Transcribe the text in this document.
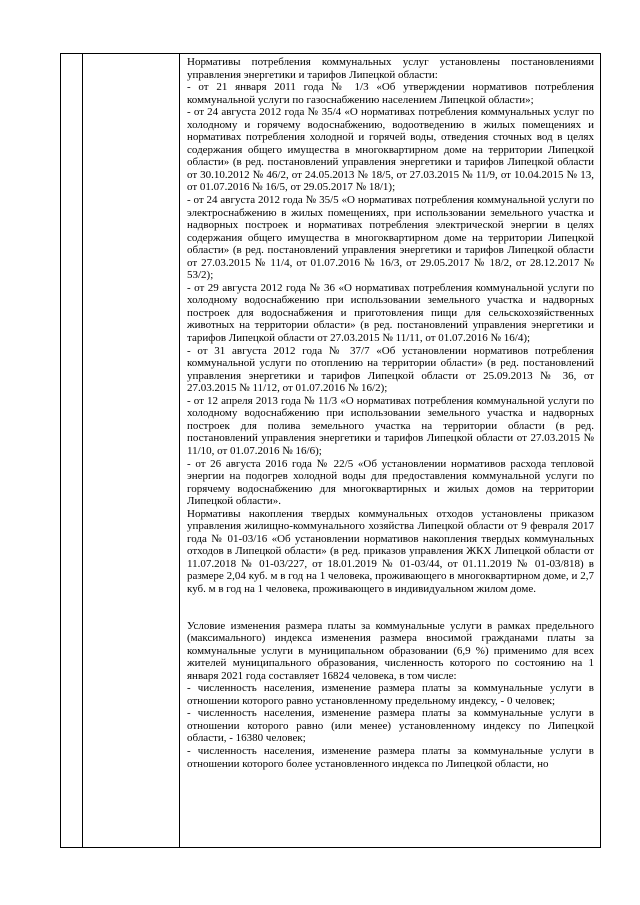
Нормативы потребления коммунальных услуг установлены постановлениями управления энергетики и тарифов Липецкой области:

- от 21 января 2011 года № 1/3 «Об утверждении нормативов потребления коммунальной услуги по газоснабжению населением Липецкой области»;

- от 24 августа 2012 года № 35/4 «О нормативах потребления коммунальных услуг по холодному и горячему водоснабжению, водоотведению в жилых помещениях и нормативах потребления холодной и горячей воды, отведения сточных вод в целях содержания общего имущества в многоквартирном доме на территории Липецкой области» (в ред. постановлений управления энергетики и тарифов Липецкой области от 30.10.2012 № 46/2, от 24.05.2013 № 18/5, от 27.03.2015 № 11/9, от 10.04.2015 № 13, от 01.07.2016 № 16/5, от 29.05.2017 № 18/1);

- от 24 августа 2012 года № 35/5 «О нормативах потребления коммунальной услуги по электроснабжению в жилых помещениях, при использовании земельного участка и надворных построек и нормативах потребления электрической энергии в целях содержания общего имущества в многоквартирном доме на территории Липецкой области» (в ред. постановлений управления энергетики и тарифов Липецкой области от 27.03.2015 № 11/4, от 01.07.2016 № 16/3, от 29.05.2017 № 18/2, от 28.12.2017 № 53/2);

- от 29 августа 2012 года № 36 «О нормативах потребления коммунальной услуги по холодному водоснабжению при использовании земельного участка и надворных построек для водоснабжения и приготовления пищи для сельскохозяйственных животных на территории области» (в ред. постановлений управления энергетики и тарифов Липецкой области от 27.03.2015 № 11/11, от 01.07.2016 № 16/4);

- от 31 августа 2012 года № 37/7 «Об установлении нормативов потребления коммунальной услуги по отоплению на территории области» (в ред. постановлений управления энергетики и тарифов Липецкой области от 25.09.2013 № 36, от 27.03.2015 № 11/12, от 01.07.2016 № 16/2);

- от 12 апреля 2013 года № 11/3 «О нормативах потребления коммунальной услуги по холодному водоснабжению при использовании земельного участка и надворных построек для полива земельного участка на территории области (в ред. постановлений управления энергетики и тарифов Липецкой области от 27.03.2015 № 11/10, от 01.07.2016 № 16/6);

- от 26 августа 2016 года № 22/5 «Об установлении нормативов расхода тепловой энергии на подогрев холодной воды для предоставления коммунальной услуги по горячему водоснабжению для многоквартирных и жилых домов на территории Липецкой области».

Нормативы накопления твердых коммунальных отходов установлены приказом управления жилищно-коммунального хозяйства Липецкой области от 9 февраля 2017 года № 01-03/16 «Об установлении нормативов накопления твердых коммунальных отходов в Липецкой области» (в ред. приказов управления ЖКХ Липецкой области от 11.07.2018 № 01-03/227, от 18.01.2019 № 01-03/44, от 01.11.2019 № 01-03/818) в размере 2,04 куб. м в год на 1 человека, проживающего в многоквартирном доме, и 2,7 куб. м в год на 1 человека, проживающего в индивидуальном жилом доме.

Условие изменения размера платы за коммунальные услуги в рамках предельного (максимального) индекса изменения размера вносимой гражданами платы за коммунальные услуги в муниципальном образовании (6,9 %) применимо для всех жителей муниципального образования, численность которого по состоянию на 1 января 2021 года составляет 16824 человека, в том числе:

- численность населения, изменение размера платы за коммунальные услуги в отношении которого равно установленному предельному индексу, - 0 человек;

- численность населения, изменение размера платы за коммунальные услуги в отношении которого равно (или менее) установленному индексу по Липецкой области, - 16380 человек;

- численность населения, изменение размера платы за коммунальные услуги в отношении которого более установленного индекса по Липецкой области, но
